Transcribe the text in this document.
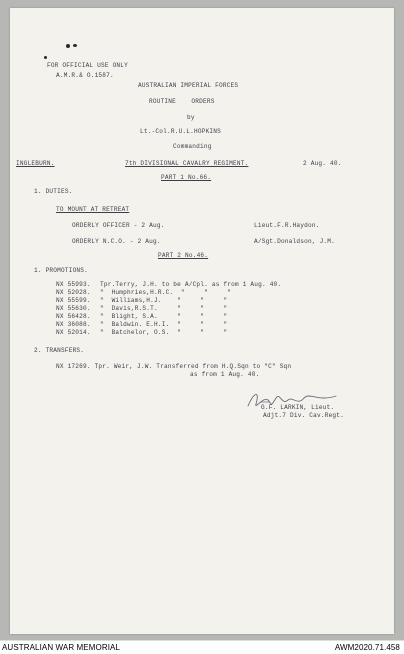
FOR OFFICIAL USE ONLY
A.M.R.& O.1587.
AUSTRALIAN IMPERIAL FORCES
ROUTINE    ORDERS
by
Lt.-Col.R.U.L.HOPKINS
Commanding
INGLEBURN.	7th DIVISIONAL CAVALRY REGIMENT.	2 Aug. 40.
PART 1 No.66.
1. DUTIES.
TO MOUNT AT RETREAT
ORDERLY OFFICER - 2 Aug.	Lieut.F.R.Haydon.
ORDERLY N.C.O. - 2 Aug.	A/Sgt.Donaldson, J.M.
PART 2 No.46.
1. PROMOTIONS.
NX 55993. Tpr.Terry, J.H. to be A/Cpl. as from 1 Aug. 40.
NX 52028. "  Humphries,H.R.C.  "     "     "
NX 55599. "  Williams,H.J.    "     "     "
NX 55630. "  Davis,R.S.T.     "     "     "
NX 56428. "  Blight, S.A.     "     "     "
NX 36088. "  Baldwin. E.H.I.  "     "     "
NX 52014. "  Batchelor, O.S.  "     "     "
2. TRANSFERS.
NX 17269. Tpr. Weir, J.W. Transferred from H.Q.Sqn to "C" Sqn
as from 1 Aug. 40.
G.F. LARKIN, Lieut.
Adjt.7 Div. Cav.Regt.
AUSTRALIAN WAR MEMORIAL	AWM2020.71.458
